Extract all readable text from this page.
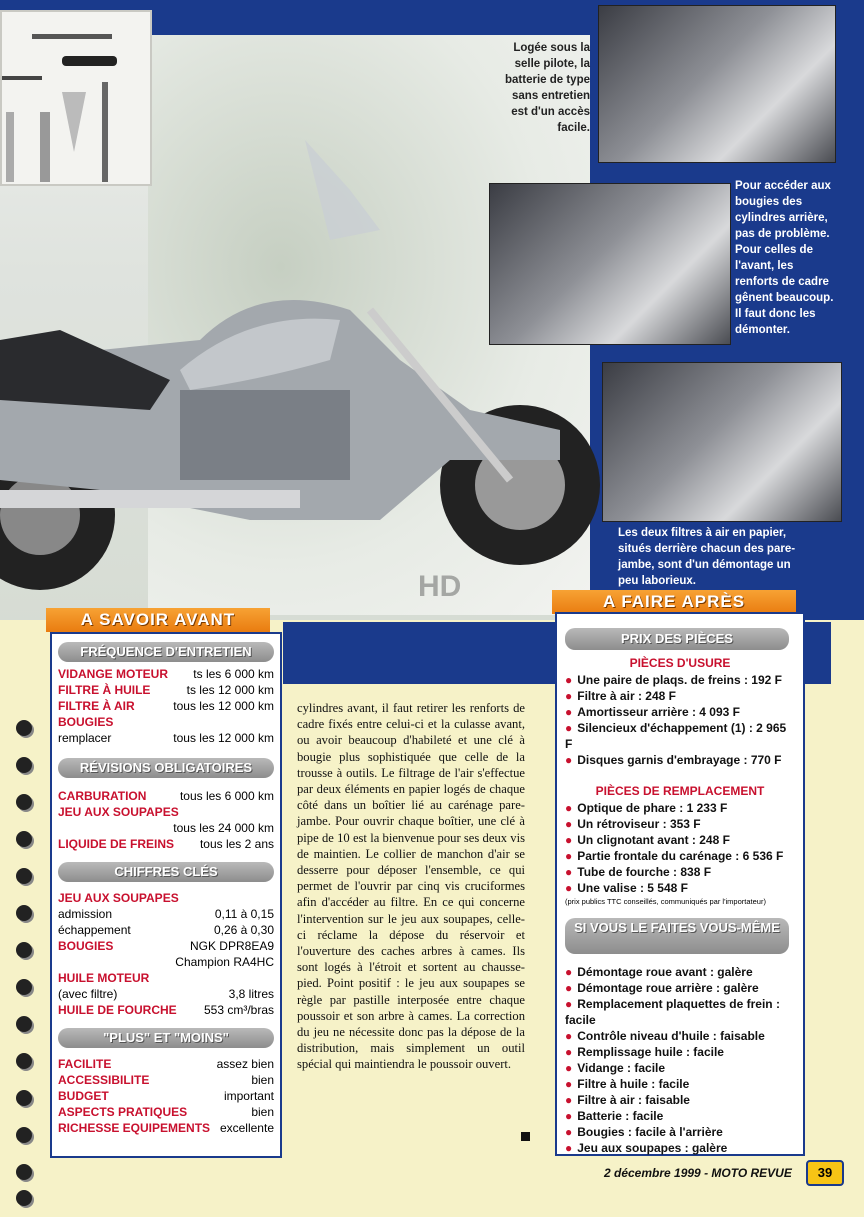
Logée sous la selle pilote, la batterie de type sans entretien est d'un accès facile.
Pour accéder aux bougies des cylindres arrière, pas de problème. Pour celles de l'avant, les renforts de cadre gênent beaucoup. Il faut donc les démonter.
Les deux filtres à air en papier, situés derrière chacun des pare-jambe, sont d'un démontage un peu laborieux.
HD
A SAVOIR AVANT
FRÉQUENCE D'ENTRETIEN
VIDANGE MOTEUR ts les 6 000 km
FILTRE À HUILE	ts les 12 000 km
FILTRE À AIR	tous les 12 000 km
BOUGIES
remplacer	tous les 12 000 km
RÉVISIONS OBLIGATOIRES
CARBURATION	tous les 6 000 km
JEU AUX SOUPAPES
tous les 24 000 km
LIQUIDE DE FREINS tous les 2 ans
CHIFFRES CLÉS
JEU AUX SOUPAPES
admission	0,11 à 0,15
échappement	0,26 à 0,30
BOUGIES	NGK DPR8EA9
Champion RA4HC
HUILE MOTEUR
(avec filtre)	3,8 litres
HUILE DE FOURCHE 553 cm³/bras
"PLUS" ET "MOINS"
FACILITE	assez bien
ACCESSIBILITE	bien
BUDGET	important
ASPECTS PRATIQUES	bien
RICHESSE EQUIPEMENTS excellente
cylindres avant, il faut retirer les renforts de cadre fixés entre celui-ci et la culasse avant, ou avoir beaucoup d'habileté et une clé à bougie plus sophistiquée que celle de la trousse à outils. Le filtrage de l'air s'effectue par deux éléments en papier logés de chaque côté dans un boîtier lié au carénage pare-jambe. Pour ouvrir chaque boîtier, une clé à pipe de 10 est la bienvenue pour ses deux vis de maintien. Le collier de manchon d'air se desserre pour déposer l'ensemble, ce qui permet de l'ouvrir par cinq vis cruciformes afin d'accéder au filtre. En ce qui concerne l'intervention sur le jeu aux soupapes, celle-ci réclame la dépose du réservoir et l'ouverture des caches arbres à cames. Ils sont logés à l'étroit et sortent au chausse-pied. Point positif : le jeu aux soupapes se règle par pastille interposée entre chaque poussoir et son arbre à cames. La correction du jeu ne nécessite donc pas la dépose de la distribution, mais simplement un outil spécial qui maintiendra le poussoir ouvert.
A FAIRE APRÈS
PRIX DES PIÈCES
PIÈCES D'USURE
● Une paire de plaqs. de freins : 192 F
● Filtre à air : 248 F
● Amortisseur arrière : 4 093 F
● Silencieux d'échappement (1) : 2 965 F
● Disques garnis d'embrayage : 770 F
PIÈCES DE REMPLACEMENT
● Optique de phare : 1 233 F
● Un rétroviseur : 353 F
● Un clignotant avant : 248 F
● Partie frontale du carénage : 6 536 F
● Tube de fourche : 838 F
● Une valise : 5 548 F
(prix publics TTC conseillés, communiqués par l'importateur)
SI VOUS LE FAITES VOUS-MÊME
● Démontage roue avant : galère
● Démontage roue arrière : galère
● Remplacement plaquettes de frein : facile
● Contrôle niveau d'huile : faisable
● Remplissage huile : facile
● Vidange : facile
● Filtre à huile : facile
● Filtre à air : faisable
● Batterie : facile
● Bougies : facile à l'arrière
● Jeu aux soupapes : galère
2 décembre 1999 - MOTO REVUE	39
